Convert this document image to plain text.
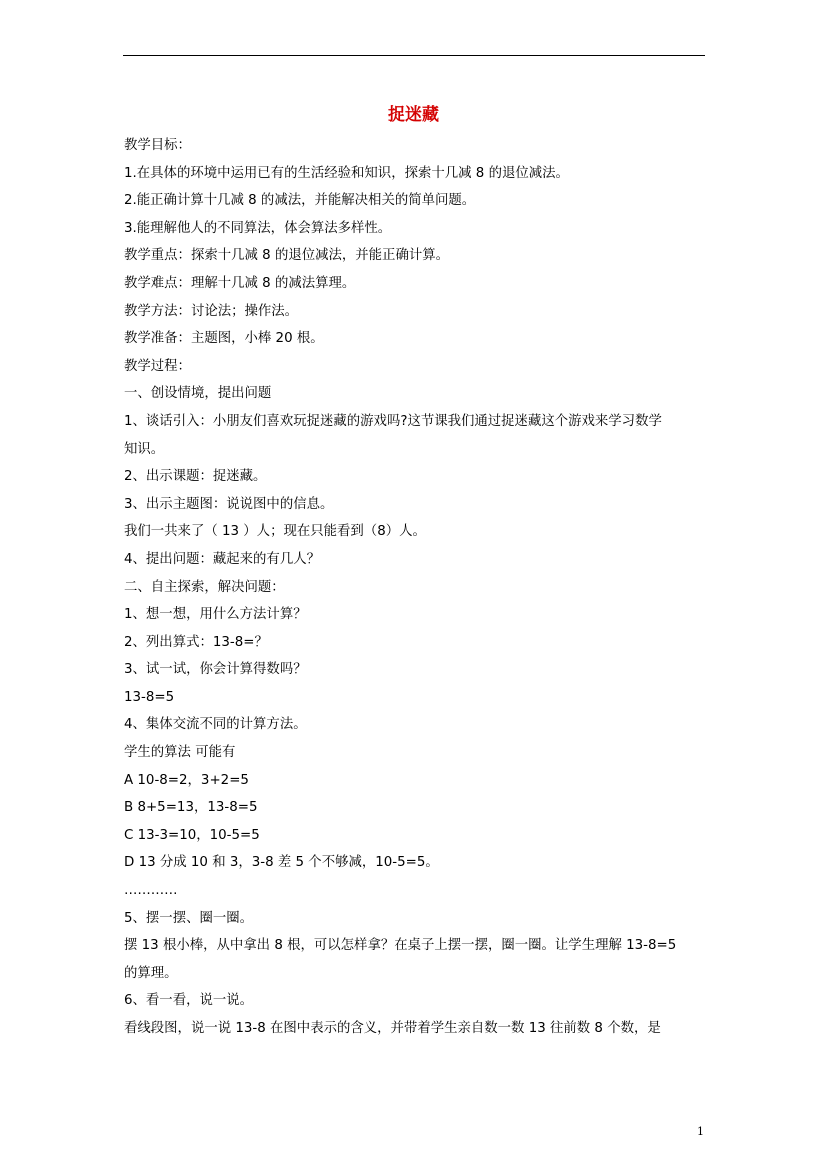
捉迷藏
教学目标：
1.在具体的环境中运用已有的生活经验和知识，探索十几减 8 的退位减法。
2.能正确计算十几减 8 的减法，并能解决相关的简单问题。
3.能理解他人的不同算法，体会算法多样性。
教学重点：探索十几减 8 的退位减法，并能正确计算。
教学难点：理解十几减 8 的减法算理。
教学方法：讨论法；操作法。
教学准备：主题图，小棒 20 根。
教学过程：
一、创设情境，提出问题
1、谈话引入：小朋友们喜欢玩捉迷藏的游戏吗?这节课我们通过捉迷藏这个游戏来学习数学
知识。
2、出示课题：捉迷藏。
3、出示主题图：说说图中的信息。
我们一共来了（ 13 ）人；现在只能看到（8）人。
4、提出问题：藏起来的有几人？
二、自主探索，解决问题：
1、想一想，用什么方法计算？
2、列出算式：13-8=？
3、试一试，你会计算得数吗？
13-8=5
4、集体交流不同的计算方法。
学生的算法 可能有
A 10-8=2，3+2=5
B 8+5=13，13-8=5
C 13-3=10，10-5=5
D 13 分成 10 和 3，3-8 差 5 个不够减，10-5=5。
…………
5、摆一摆、圈一圈。
摆 13 根小棒，从中拿出 8 根，可以怎样拿？在桌子上摆一摆，圈一圈。让学生理解 13-8=5
的算理。
6、看一看，说一说。
看线段图，说一说 13-8 在图中表示的含义，并带着学生亲自数一数 13 往前数 8 个数，是
1
